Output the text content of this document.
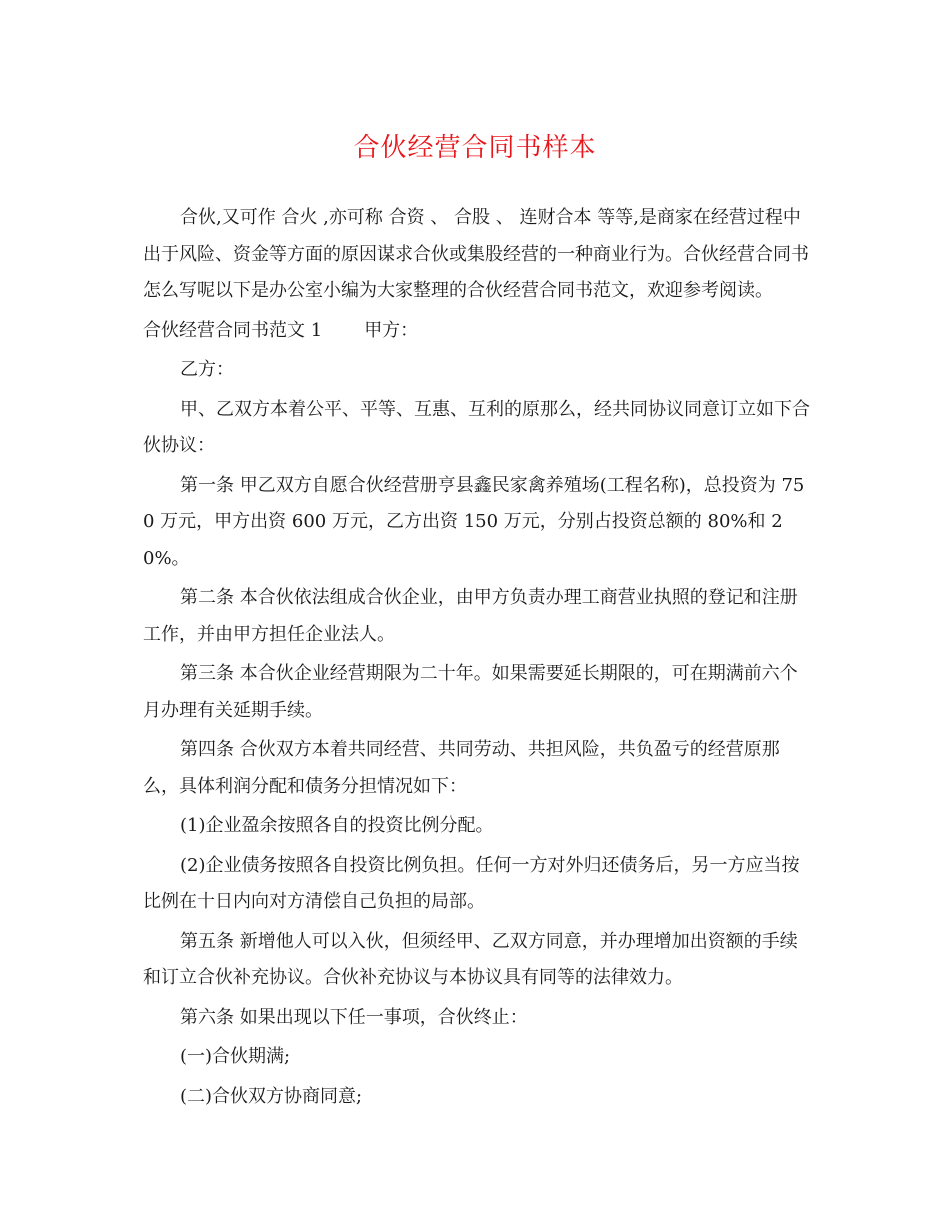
合伙经营合同书样本

合伙,又可作 合火 ,亦可称 合资 、 合股 、 连财合本 等等,是商家在经营过程中出于风险、资金等方面的原因谋求合伙或集股经营的一种商业行为。合伙经营合同书怎么写呢以下是办公室小编为大家整理的合伙经营合同书范文，欢迎参考阅读。

合伙经营合同书范文 1 甲方：

乙方：

甲、乙双方本着公平、平等、互惠、互利的原那么，经共同协议同意订立如下合伙协议：

第一条 甲乙双方自愿合伙经营册亨县鑫民家禽养殖场(工程名称)，总投资为 750 万元，甲方出资 600 万元，乙方出资 150 万元，分别占投资总额的 80%和 20%。

第二条 本合伙依法组成合伙企业，由甲方负责办理工商营业执照的登记和注册工作，并由甲方担任企业法人。

第三条 本合伙企业经营期限为二十年。如果需要延长期限的，可在期满前六个月办理有关延期手续。

第四条 合伙双方本着共同经营、共同劳动、共担风险，共负盈亏的经营原那么，具体利润分配和债务分担情况如下：

(1)企业盈余按照各自的投资比例分配。

(2)企业债务按照各自投资比例负担。任何一方对外归还债务后，另一方应当按比例在十日内向对方清偿自己负担的局部。

第五条 新增他人可以入伙，但须经甲、乙双方同意，并办理增加出资额的手续和订立合伙补充协议。合伙补充协议与本协议具有同等的法律效力。

第六条 如果出现以下任一事项，合伙终止：

(一)合伙期满;

(二)合伙双方协商同意;
